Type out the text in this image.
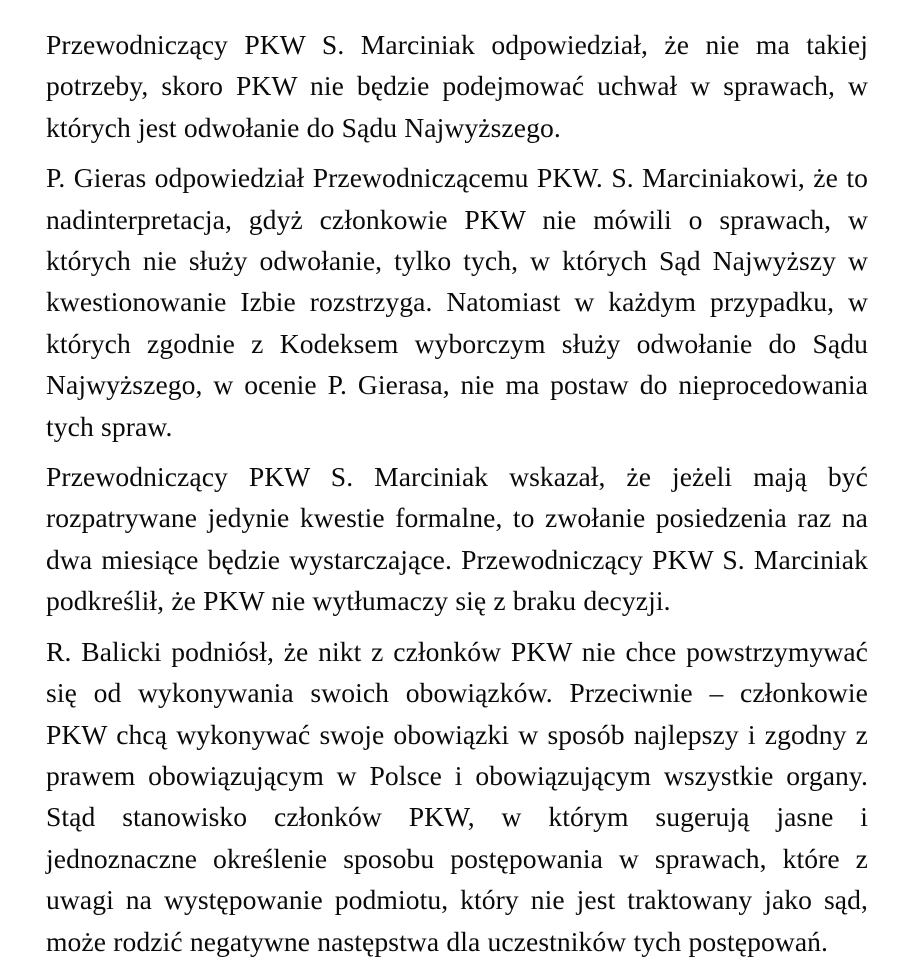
Przewodniczący PKW S. Marciniak odpowiedział, że nie ma takiej potrzeby, skoro PKW nie będzie podejmować uchwał w sprawach, w których jest odwołanie do Sądu Najwyższego.

P. Gieras odpowiedział Przewodniczącemu PKW. S. Marciniakowi, że to nadinterpretacja, gdyż członkowie PKW nie mówili o sprawach, w których nie służy odwołanie, tylko tych, w których Sąd Najwyższy w kwestionowanie Izbie rozstrzyga. Natomiast w każdym przypadku, w których zgodnie z Kodeksem wyborczym służy odwołanie do Sądu Najwyższego, w ocenie P. Gierasa, nie ma postaw do nieprocedowania tych spraw.

Przewodniczący PKW S. Marciniak wskazał, że jeżeli mają być rozpatrywane jedynie kwestie formalne, to zwołanie posiedzenia raz na dwa miesiące będzie wystarczające. Przewodniczący PKW S. Marciniak podkreślił, że PKW nie wytłumaczy się z braku decyzji.

R. Balicki podniósł, że nikt z członków PKW nie chce powstrzymywać się od wykonywania swoich obowiązków. Przeciwnie – członkowie PKW chcą wykonywać swoje obowiązki w sposób najlepszy i zgodny z prawem obowiązującym w Polsce i obowiązującym wszystkie organy. Stąd stanowisko członków PKW, w którym sugerują jasne i jednoznaczne określenie sposobu postępowania w sprawach, które z uwagi na występowanie podmiotu, który nie jest traktowany jako sąd, może rodzić negatywne następstwa dla uczestników tych postępowań.
